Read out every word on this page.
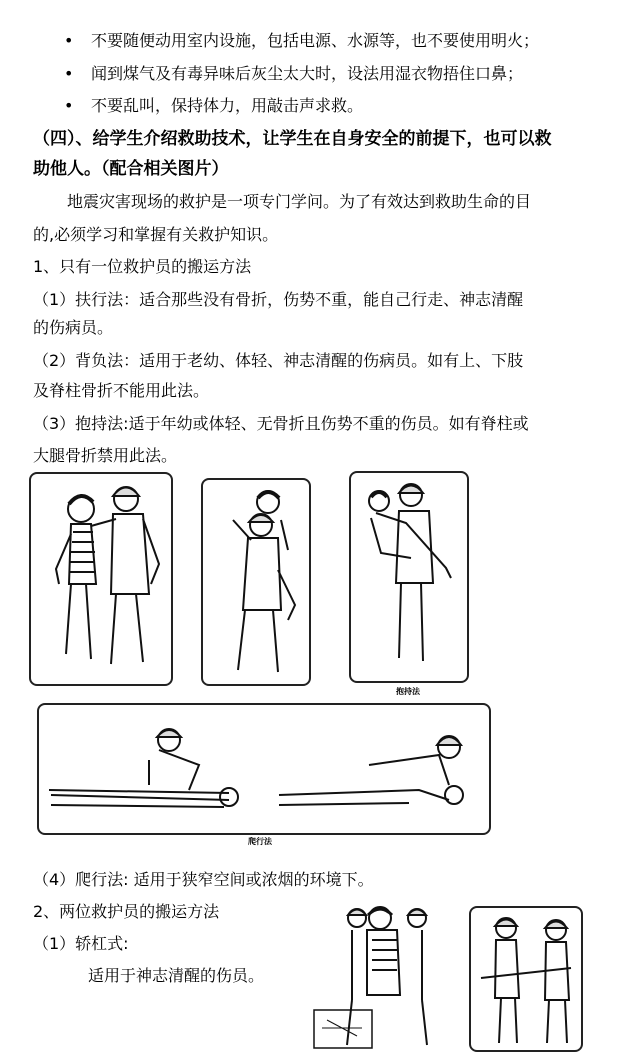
• 不要随便动用室内设施，包括电源、水源等，也不要使用明火；
• 闻到煤气及有毒异味后灰尘太大时，设法用湿衣物捂住口鼻；
• 不要乱叫，保持体力，用敲击声求救。
（四）、给学生介绍救助技术，让学生在自身安全的前提下，也可以救
助他人。（配合相关图片）
地震灾害现场的救护是一项专门学问。为了有效达到救助生命的目
的,必须学习和掌握有关救护知识。
1、只有一位救护员的搬运方法
（1）扶行法：适合那些没有骨折，伤势不重，能自己行走、神志清醒
的伤病员。
（2）背负法：适用于老幼、体轻、神志清醒的伤病员。如有上、下肢
及脊柱骨折不能用此法。
（3）抱持法:适于年幼或体轻、无骨折且伤势不重的伤员。如有脊柱或
大腿骨折禁用此法。
抱持法
爬行法
（4）爬行法: 适用于狭窄空间或浓烟的环境下。
2、两位救护员的搬运方法
（1）轿杠式:
适用于神志清醒的伤员。
